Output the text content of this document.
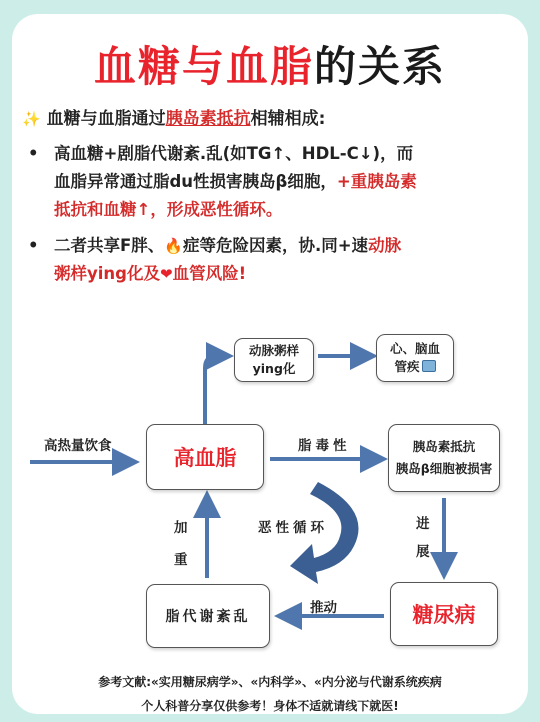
血糖与血脂的关系
✨ 血糖与血脂通过胰岛素抵抗相辅相成:
• 高血糖+剧脂代谢紊.乱(如TG↑、HDL-C↓)，而
血脂异常通过脂du性损害胰岛β细胞，+重胰岛素
抵抗和血糖↑，形成恶性循环。
• 二者共享F胖、🔥症等危险因素，协.同+速动脉
粥样ying化及❤血管风险!
高热量饮食	高血脂
动脉粥样
ying化
心、脑血
管疾
胰岛素抵抗
胰岛β细胞被损害
糖尿病
脂代谢紊乱
脂毒性
进
展
推动
加
重
恶性循环
参考文献:«实用糖尿病学»、«内科学»、«内分泌与代谢系统疾病
个人科普分享仅供参考！身体不适就请线下就医!
